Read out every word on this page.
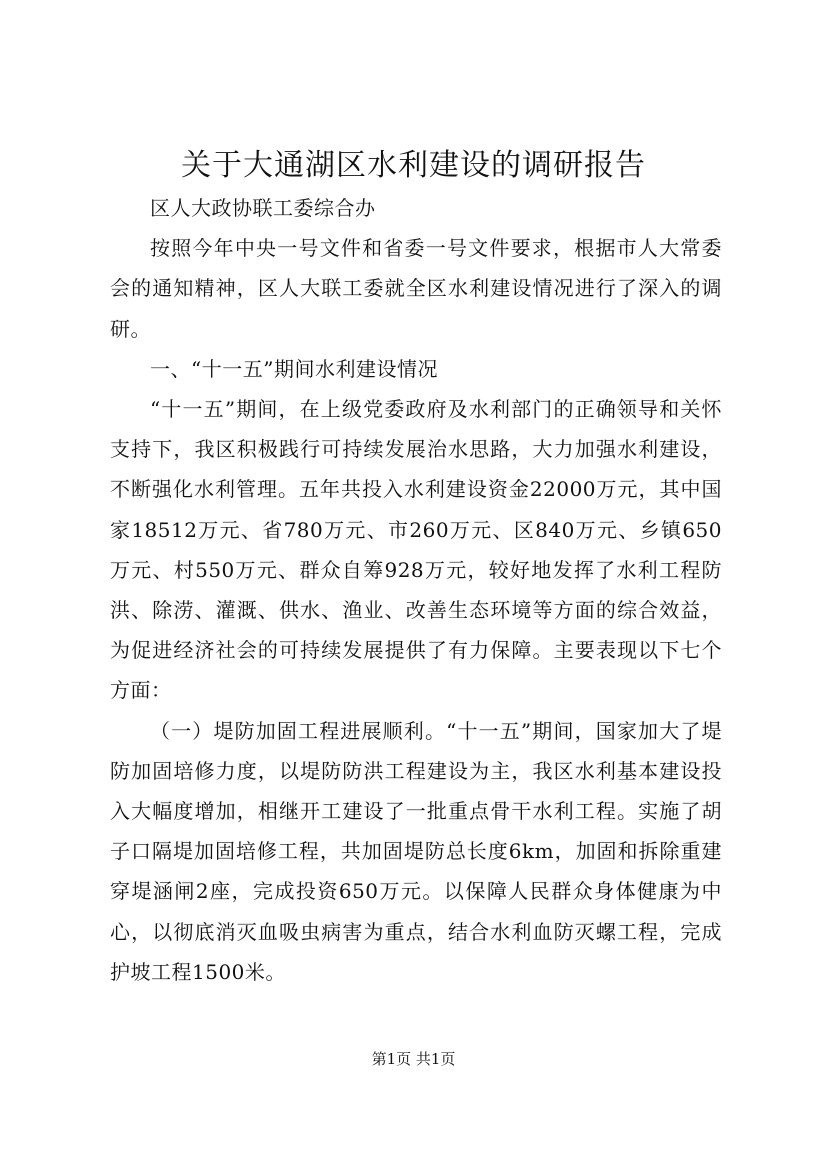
关于大通湖区水利建设的调研报告

区人大政协联工委综合办

按照今年中央一号文件和省委一号文件要求，根据市人大常委会的通知精神，区人大联工委就全区水利建设情况进行了深入的调研。

一、“十一五”期间水利建设情况

“十一五”期间，在上级党委政府及水利部门的正确领导和关怀支持下，我区积极践行可持续发展治水思路，大力加强水利建设，不断强化水利管理。五年共投入水利建设资金22000万元，其中国家18512万元、省780万元、市260万元、区840万元、乡镇650万元、村550万元、群众自筹928万元，较好地发挥了水利工程防洪、除涝、灌溉、供水、渔业、改善生态环境等方面的综合效益，为促进经济社会的可持续发展提供了有力保障。主要表现以下七个方面：

（一）堤防加固工程进展顺利。“十一五”期间，国家加大了堤防加固培修力度，以堤防防洪工程建设为主，我区水利基本建设投入大幅度增加，相继开工建设了一批重点骨干水利工程。实施了胡子口隔堤加固培修工程，共加固堤防总长度6km，加固和拆除重建穿堤涵闸2座，完成投资650万元。以保障人民群众身体健康为中心，以彻底消灭血吸虫病害为重点，结合水利血防灭螺工程，完成护坡工程1500米。

第1页 共1页
